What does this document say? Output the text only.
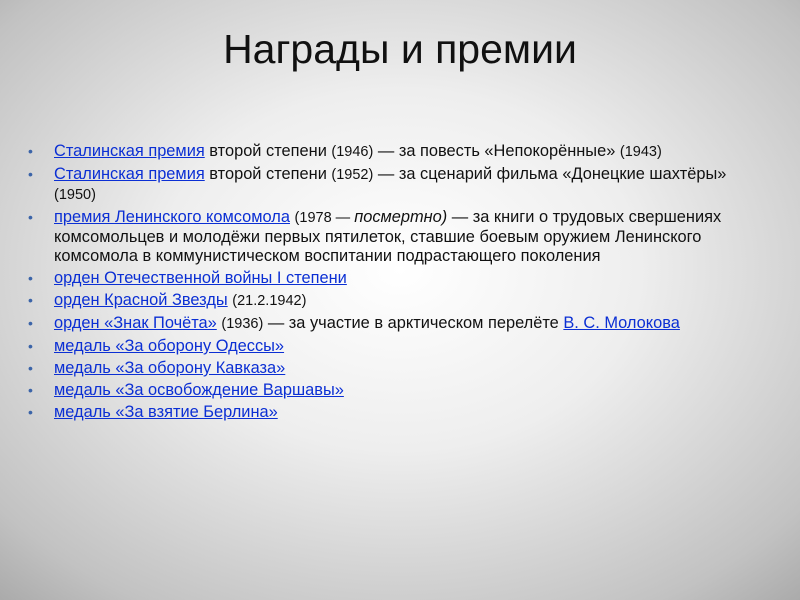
Награды и премии
• Сталинская премия второй степени (1946) — за повесть «Непокорённые» (1943)
• Сталинская премия второй степени (1952) — за сценарий фильма «Донецкие шахтёры» (1950)
• премия Ленинского комсомола (1978 — посмертно) — за книги о трудовых свершениях комсомольцев и молодёжи первых пятилеток, ставшие боевым оружием Ленинского комсомола в коммунистическом воспитании подрастающего поколения
• орден Отечественной войны I степени
• орден Красной Звезды (21.2.1942)
• орден «Знак Почёта» (1936) — за участие в арктическом перелёте В. С. Молокова
• медаль «За оборону Одессы»
• медаль «За оборону Кавказа»
• медаль «За освобождение Варшавы»
• медаль «За взятие Берлина»
